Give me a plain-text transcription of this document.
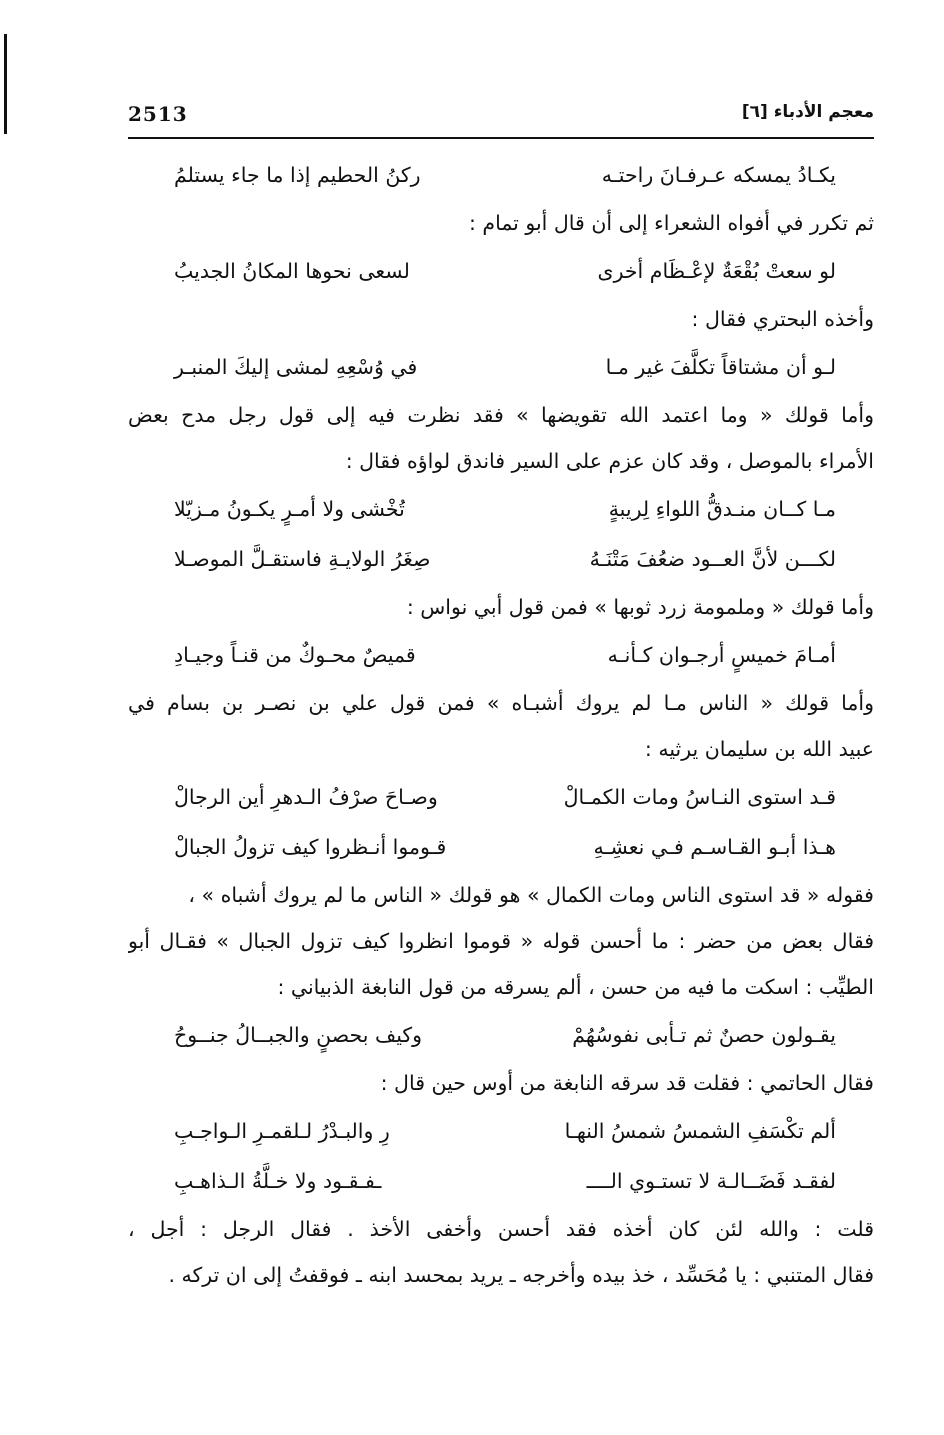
2513	معجم الأدباء [٦]
يكـادُ يمسكه عـرفـانَ راحتـه
ركنُ الحطيم إذا ما جاء يستلمُ
ثم تكرر في أفواه الشعراء إلى أن قال أبو تمام :
لو سعتْ بُقْعَةٌ لإعْـظَام أخرى
لسعى نحوها المكانُ الجديبُ
وأخذه البحتري فقال :
لـو أن مشتاقاً تكلَّفَ غير مـا
في وُسْعِهِ لمشى إليكَ المنبـر
وأما قولك « وما اعتمد الله تقويضها » فقد نظرت فيه إلى قول رجل مدح بعض
الأمراء بالموصل ، وقد كان عزم على السير فاندق لواؤه فقال :
مـا كــان منـدقُّ اللواءِ لِريبةٍ
تُخْشى ولا أمـرٍ يكـونُ مـزيّلا
لكـــن لأنَّ العــود ضعُفَ مَتْنَـهُ
صِغَرُ الولايـةِ فاستقـلَّ الموصـلا
وأما قولك « وملمومة زرد ثوبها » فمن قول أبي نواس :
أمـامَ خميسٍ أرجـوان كـأنـه
قميصٌ محـوكٌ من قنـاً وجيـادِ
وأما قولك « الناس مـا لم يروك أشبـاه » فمن قول علي بن نصـر بن بسام في
عبيد الله بن سليمان يرثيه :
قـد استوى النـاسُ ومات الكمـالْ
وصـاحَ صرْفُ الـدهرِ أين الرجالْ
هـذا أبـو القـاسـم فـي نعشِـهِ
قـوموا أنـظروا كيف تزولُ الجبالْ
فقوله « قد استوى الناس ومات الكمال » هو قولك « الناس ما لم يروك أشباه » ،
فقال بعض من حضر : ما أحسن قوله « قوموا انظروا كيف تزول الجبال » فقـال أبو
الطيِّب : اسكت ما فيه من حسن ، ألم يسرقه من قول النابغة الذبياني :
يقـولون حصنٌ ثم تـأبى نفوسُهُمْ
وكيف بحصنٍ والجبــالُ جنــوحُ
فقال الحاتمي : فقلت قد سرقه النابغة من أوس حين قال :
ألم تكْسَفِ الشمسُ شمسُ النهـا
رِ والبـدْرُ لـلقمـرِ الـواجـبِ
لفقـد فَضَــالـة لا تستـوي الــــ
ـفـقـود ولا خـلَّةُ الـذاهـبِ
قلت : والله لئن كان أخذه فقد أحسن وأخفى الأخذ . فقال الرجل : أجل ،
فقال المتنبي : يا مُحَسِّد ، خذ بيده وأخرجه ـ يريد بمحسد ابنه ـ فوقفتُ إلى ان تركه .
